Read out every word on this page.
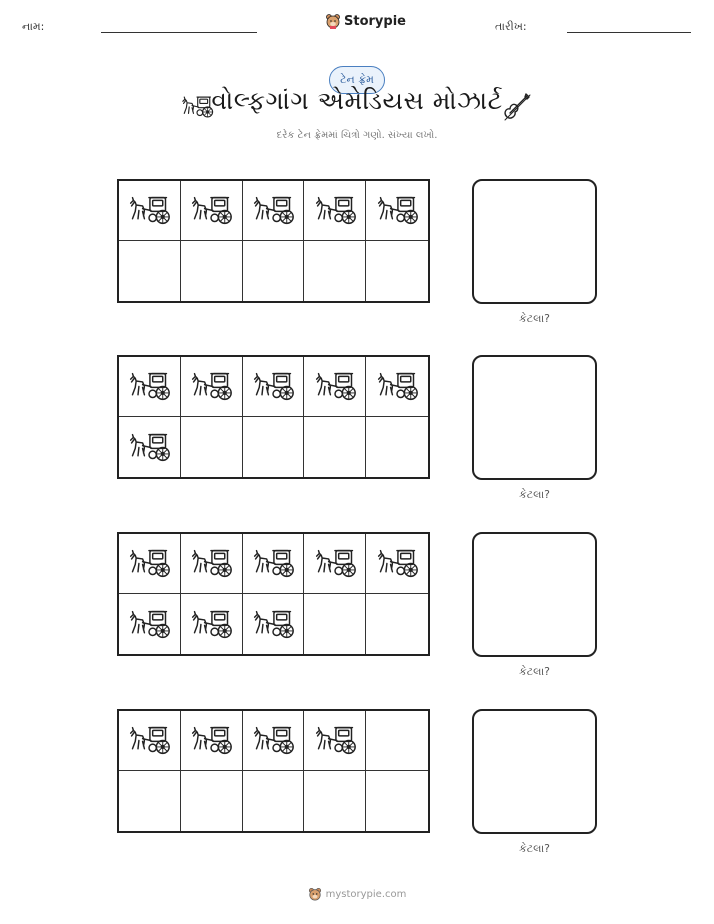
નામ:	Storypie	તારીખ:
ટેન ફ્રેમ
વોલ્ફગાંગ એમેડિયસ મોઝાર્ટ
દરેક ટેન ફ્રેમમાં ચિત્રો ગણો. સંખ્યા લખો.
કેટલા?
કેટલા?
કેટલા?
કેટલા?
mystorypie.com
